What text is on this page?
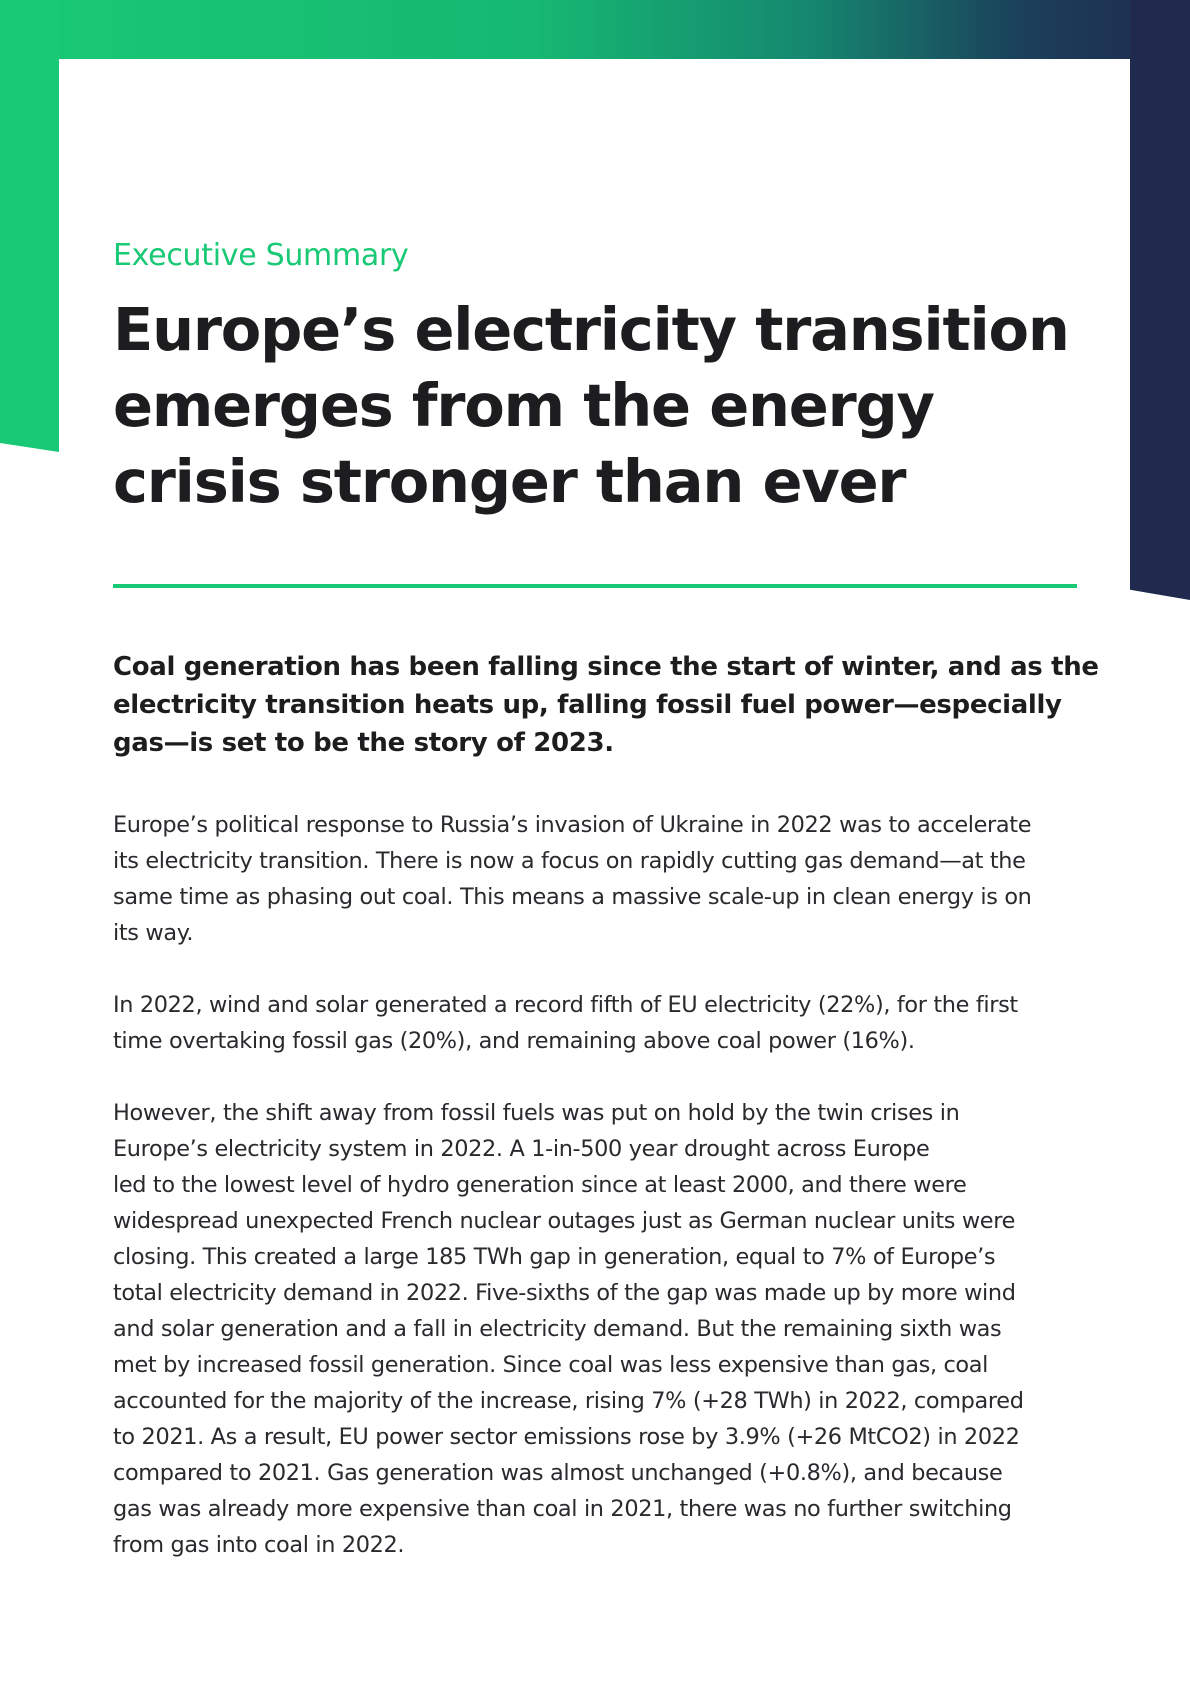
Executive Summary
Europe’s electricity transition
emerges from the energy
crisis stronger than ever

Coal generation has been falling since the start of winter, and as the
electricity transition heats up, falling fossil fuel power—especially
gas—is set to be the story of 2023.

Europe’s political response to Russia’s invasion of Ukraine in 2022 was to accelerate
its electricity transition. There is now a focus on rapidly cutting gas demand—at the
same time as phasing out coal. This means a massive scale-up in clean energy is on
its way.

In 2022, wind and solar generated a record fifth of EU electricity (22%), for the first
time overtaking fossil gas (20%), and remaining above coal power (16%).

However, the shift away from fossil fuels was put on hold by the twin crises in
Europe’s electricity system in 2022. A 1-in-500 year drought across Europe
led to the lowest level of hydro generation since at least 2000, and there were
widespread unexpected French nuclear outages just as German nuclear units were
closing. This created a large 185 TWh gap in generation, equal to 7% of Europe’s
total electricity demand in 2022. Five-sixths of the gap was made up by more wind
and solar generation and a fall in electricity demand. But the remaining sixth was
met by increased fossil generation. Since coal was less expensive than gas, coal
accounted for the majority of the increase, rising 7% (+28 TWh) in 2022, compared
to 2021. As a result, EU power sector emissions rose by 3.9% (+26 MtCO2) in 2022
compared to 2021. Gas generation was almost unchanged (+0.8%), and because
gas was already more expensive than coal in 2021, there was no further switching
from gas into coal in 2022.
